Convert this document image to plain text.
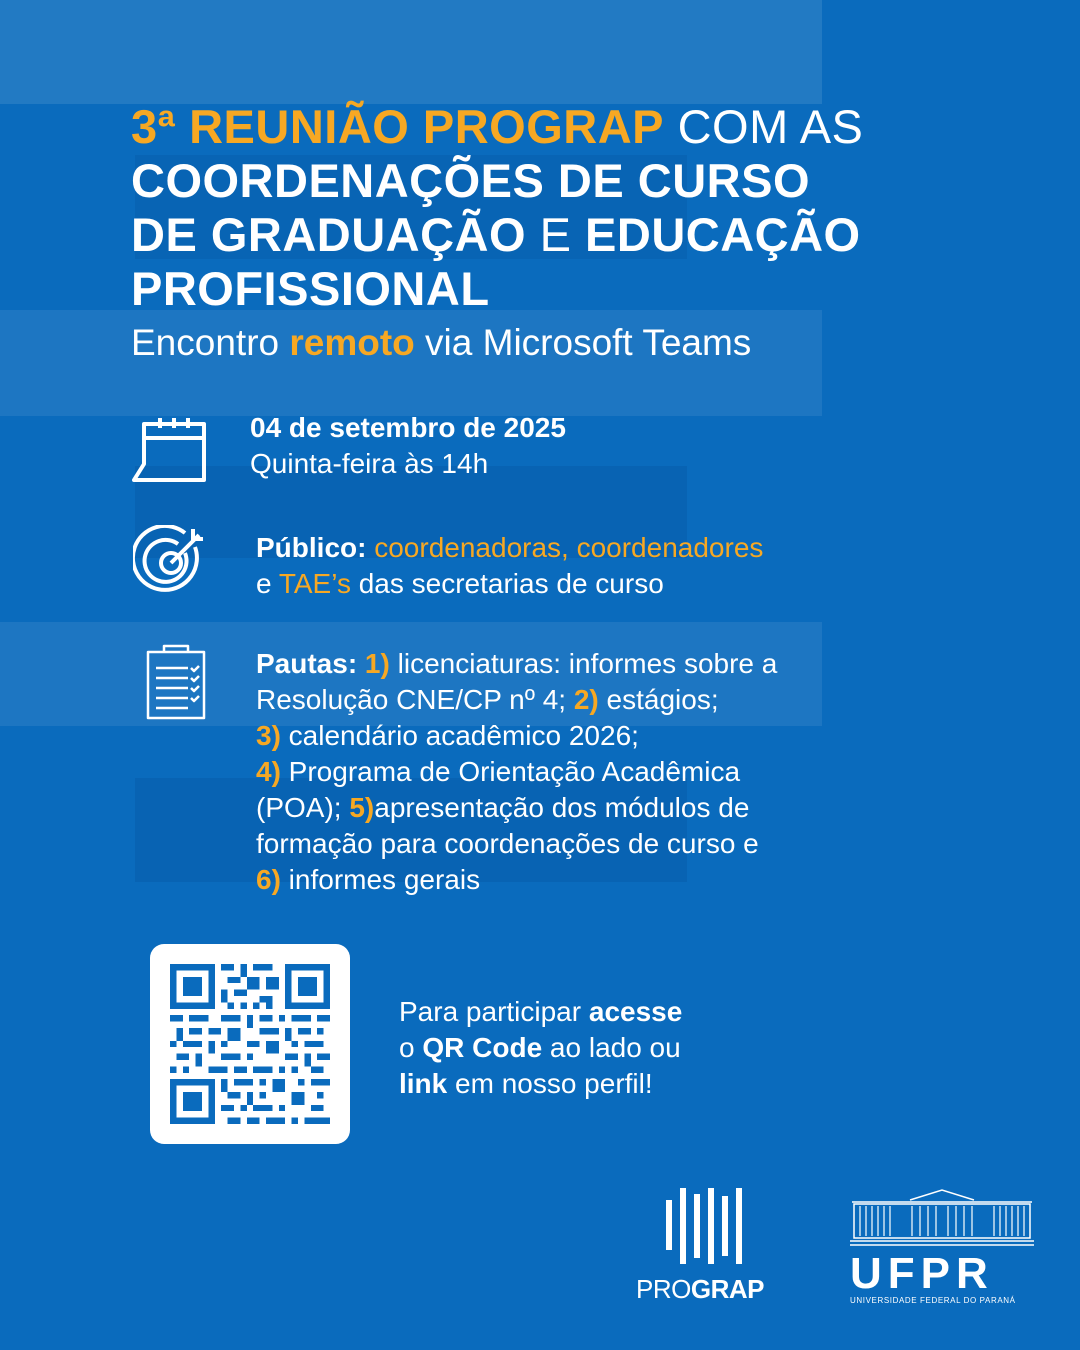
3ª REUNIÃO PROGRAP COM AS
COORDENAÇÕES DE CURSO
DE GRADUAÇÃO E EDUCAÇÃO
PROFISSIONAL
Encontro remoto via Microsoft Teams
04 de setembro de 2025
Quinta-feira às 14h
Público: coordenadoras, coordenadores
e TAE’s das secretarias de curso
Pautas: 1) licenciaturas: informes sobre a
Resolução CNE/CP nº 4; 2) estágios;
3) calendário acadêmico 2026;
4) Programa de Orientação Acadêmica
(POA); 5)apresentação dos módulos de
formação para coordenações de curso e
6) informes gerais
Para participar acesse
o QR Code ao lado ou
link em nosso perfil!
PROGRAP UFPR
UNIVERSIDADE FEDERAL DO PARANÁ
